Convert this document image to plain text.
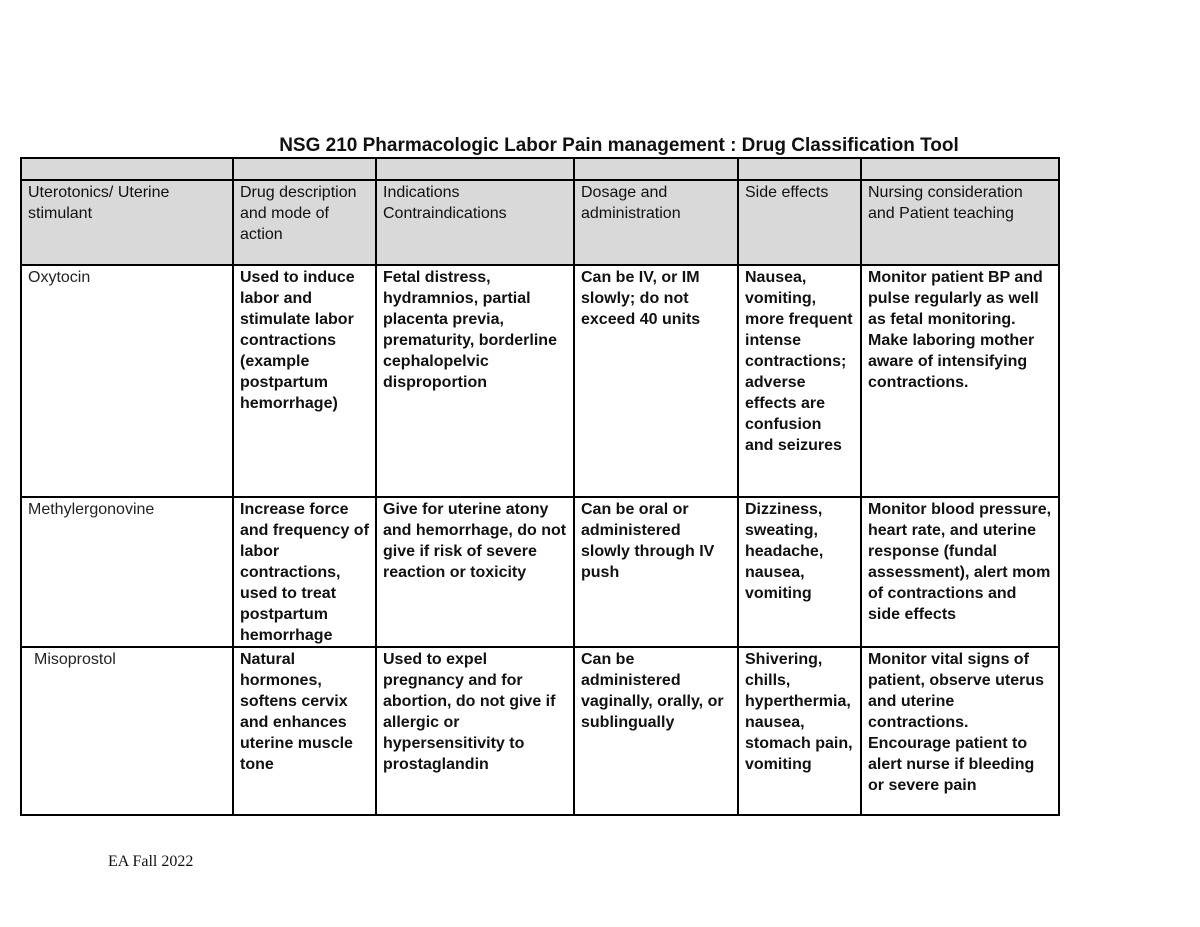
NSG 210 Pharmacologic Labor Pain management : Drug Classification Tool

Uterotonics/ Uterine stimulant	Drug description and mode of action	Indications Contraindications	Dosage and administration	Side effects	Nursing consideration and Patient teaching
Oxytocin	Used to induce labor and stimulate labor contractions (example postpartum hemorrhage)	Fetal distress, hydramnios, partial placenta previa, prematurity, borderline cephalopelvic disproportion	Can be IV, or IM slowly; do not exceed 40 units	Nausea, vomiting, more frequent intense contractions; adverse effects are confusion and seizures	Monitor patient BP and pulse regularly as well as fetal monitoring. Make laboring mother aware of intensifying contractions.
Methylergonovine	Increase force and frequency of labor contractions, used to treat postpartum hemorrhage	Give for uterine atony and hemorrhage, do not give if risk of severe reaction or toxicity	Can be oral or administered slowly through IV push	Dizziness, sweating, headache, nausea, vomiting	Monitor blood pressure, heart rate, and uterine response (fundal assessment), alert mom of contractions and side effects
Misoprostol	Natural hormones, softens cervix and enhances uterine muscle tone	Used to expel pregnancy and for abortion, do not give if allergic or hypersensitivity to prostaglandin	Can be administered vaginally, orally, or sublingually	Shivering, chills, hyperthermia, nausea, stomach pain, vomiting	Monitor vital signs of patient, observe uterus and uterine contractions. Encourage patient to alert nurse if bleeding or severe pain
EA Fall 2022
